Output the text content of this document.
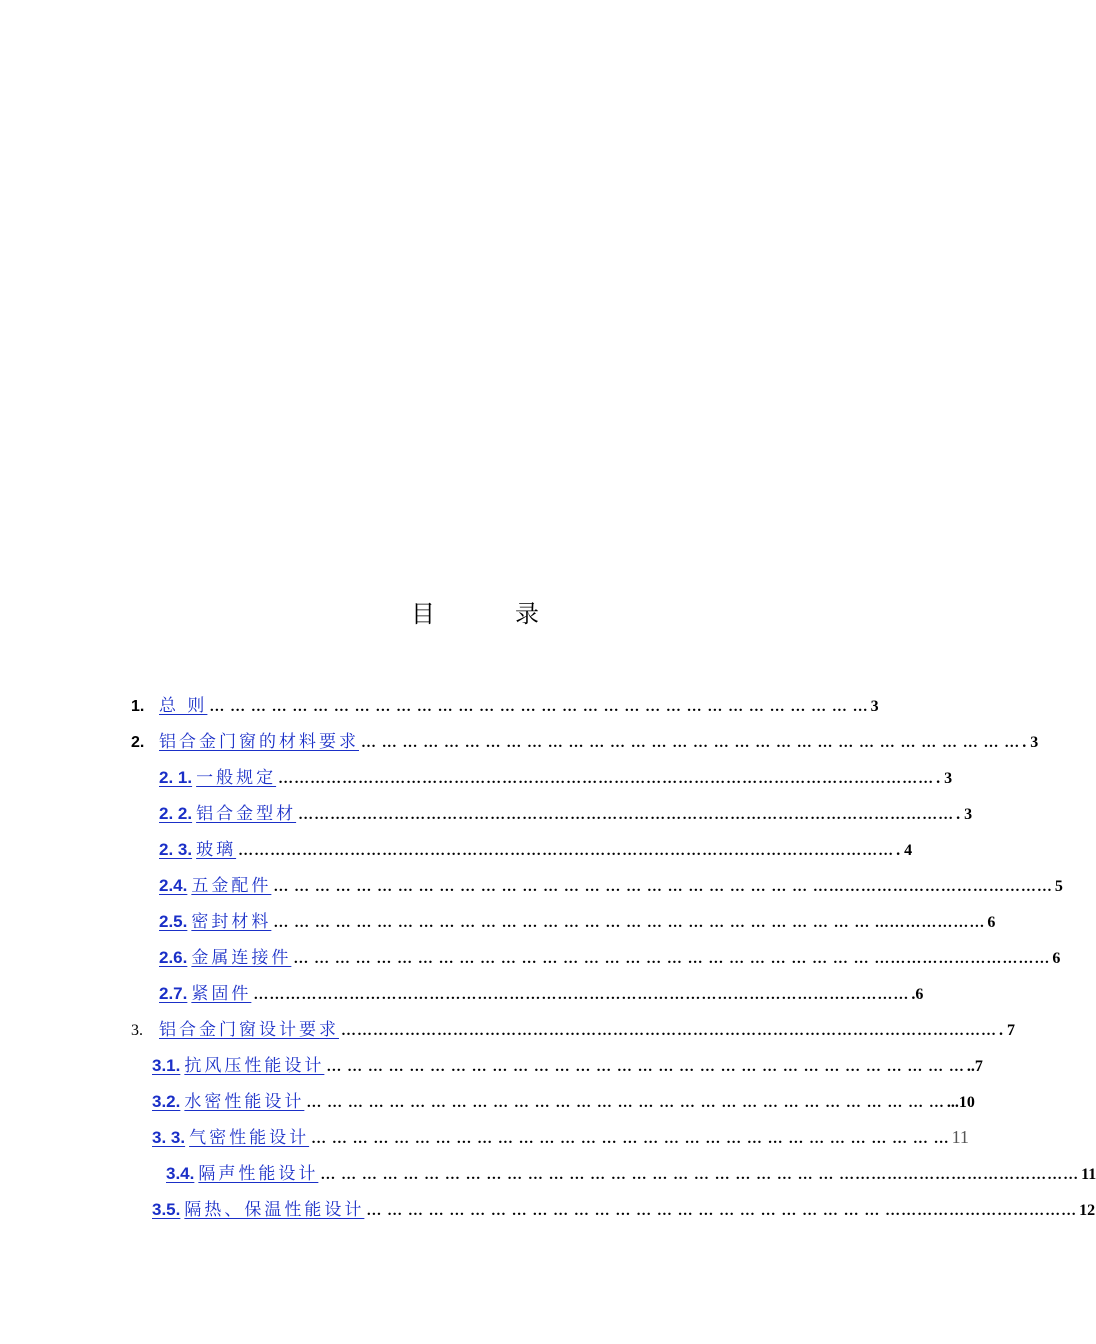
目	录
1. 总 则 … … … … … … … … … … … … … … … … … … … … … … … … … … … … … … … … 3
2. 铝合金门窗的材料要求 … … … … … … … … … … … … … … … … … … … … … … … … … … … … … … … … . 3
2. 1. 一般规定 …………………………………………………………………………………………………………… . 3
2. 2. 铝合金型材 …………………………………………………………………………………………………………… . 3
2. 3. 玻璃 …………………………………………………………………………………………………………… . 4
2.4. 五金配件 … … … … … … … … … … … … … … … … … … … … … … … … … … ……………………………………… 5
2.5. 密封材料 … … … … … … … … … … … … … … … … … … … … … … … … … … … … … ...……………… 6
2.6. 金属连接件 … … … … … … … … … … … … … … … … … … … … … … … … … … … … …………………………… 6
2.7. 紧固件 …………………………………………………………………………………………………………… .6
3. 铝合金门窗设计要求 …………………………………………………………………………………………………………… . 7
3.1. 抗风压性能设计 … … … … … … … … … … … … … … … … … … … … … … … … … … … … … … … ..7
3.2. 水密性能设计 … … … … … … … … … … … … … … … … … … … … … … … … … … … … … … … ...10
3. 3. 气密性能设计 … … … … … … … … … … … … … … … … … … … … … … … … … … … … … … … 11
3.4. 隔声性能设计 … … … … … … … … … … … … … … … … … … … … … … … … … ……………………………………… 11
3.5. 隔热、保温性能设计 … … … … … … … … … … … … … … … … … … … … … … … … … ……………………………… 12
